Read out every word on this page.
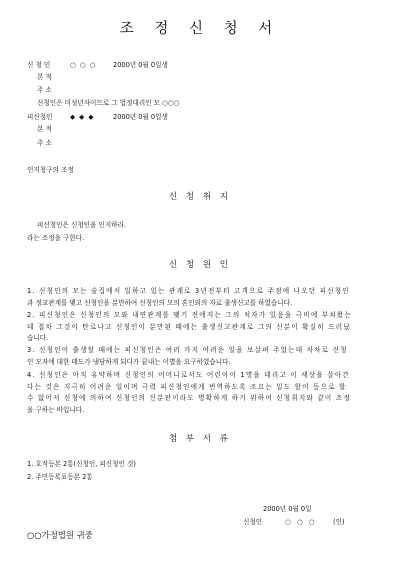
조 정 신 청 서
신 청 인	○ ○ ○	2000년 0월 0일생
본 적
주 소
신청인은 미성년자이므로 그 법정대리인 모 ○○○
피신청인	◆ ◆ ◆	2000년 0월 0일생
본 적
주 소
인지청구의 조정
신 청 취 지
피신청인은 신청인을 인지하라.
라는 조정을 구한다.
신 청 원 인
1. 신청인의 모는 술집에서 일하고 있는 관계로 3년전부터 고객으로 주점에 나오던 피신청인
과 정교관계를 맺고 신청인을 분만하여 신청인의 모의 혼인외의 자로 출생신고를 하였습니다.
2. 피신청인은 신청인의 모와 내연관계를 맺기 전에지는 그의 처자가 있음을 극비에 부쳐왔는
데 접차 그것이 탄로나고 신청인이 분만된 때에는 출생신고관계로 그의 신분이 확실히 드러났
습니다.
3. 신청인이 출생할 때에는 피신청인은 여러 가지 어려운 일을 보살펴 주었는데 차차로 신청
인 모자에 대한 태도가 냉담하게 되다가 끝내는 이별을 요구하였습니다.
4. 신청인은 아직 유약하며 신청인의 어머니로서도 어린아이 1명을 데리고 이 세상을 살아간
다는 것은 지극히 어려운 일이며 극력 피신청인에게 번역하도록 조르는 일도 할이 등으로 할
수 없어서 신청에 의하여 신청인의 신분판이라도 명확하게 하기 위하여 신청취지와 같이 조정
을 구하는 바입니다.
첨 부 서 류
1. 호적등본 2통(신청인, 피신청인 것)
2. 주민등록표등본 2통
2000년 0월 0일
신청인	○ ○ ○	(인)
○○가정법원 귀중
